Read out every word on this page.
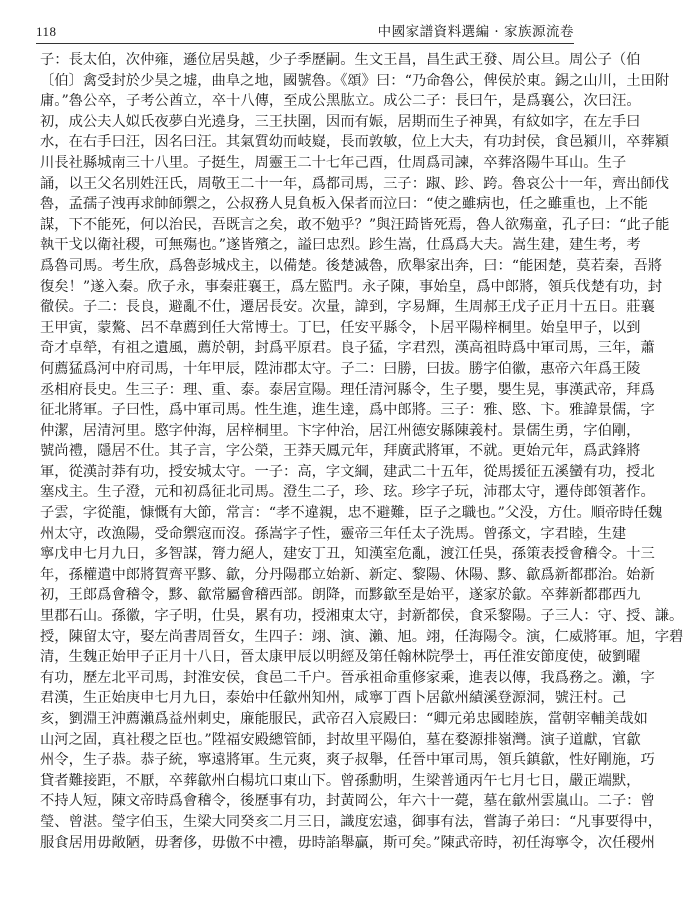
118	中國家譜資料選編 · 家族源流卷
子：長太伯，次仲雍，遜位居吳越，少子季歷嗣。生文王昌，昌生武王發、周公旦。周公子（伯
〔伯〕禽受封於少昊之墟，曲阜之地，國號魯。《頌》曰：“乃命魯公，俾侯於東。錫之山川，土田附
庸。”魯公卒，子考公酋立，卒十八傳，至成公黑肱立。成公二子：長曰午，是爲襄公，次曰汪。
初，成公夫人姒氏夜夢白光遶身，三王扶圍，因而有娠，居期而生子神異，有紋如字，在左手曰
水，在右手曰汪，因名曰汪。其氣質幼而岐嶷，長而敦敏，位上大夫，有功封侯，食邑潁川，卒葬潁
川長社縣城南三十八里。子挺生，周靈王二十七年己酉，仕周爲司諫，卒葬洛陽牛耳山。生子
誦，以王父名別姓汪氏，周敬王二十一年，爲都司馬，三子：踧、跈、跨。魯哀公十一年，齊出師伐
魯，孟孺子洩再求帥師禦之，公叔務人見負板入保者而泣曰：“使之雖病也，任之雖重也，上不能
謀，下不能死，何以治民，吾既言之矣，敢不勉乎？”與汪踦皆死焉，魯人欲殤童，孔子曰：“此子能
執干戈以衛社稷，可無殤也。”遂皆殯之，謚曰忠烈。跈生嵩，仕爲爲大夫。嵩生建，建生考，考
爲魯司馬。考生欣，爲魯彭城戍主，以備楚。後楚滅魯，欣舉家出奔，曰：“能困楚，莫若秦，吾將
復矣！”遂入秦。欣子永，事秦莊襄王，爲左監門。永子陳，事始皇，爲中郎將，領兵伐楚有功，封
徹侯。子二：長良，避亂不仕，遷居長安。次量，諱到，字易輝，生周郝王戊子正月十五日。莊襄
王甲寅，蒙驁、呂不韋薦到任大常博士。丁巳，任安平縣令，卜居平陽梓桐里。始皇甲子，以到
奇才卓犖，有祖之遺風，薦於朝，封爲平原君。良子猛，字君烈，漢高祖時爲中軍司馬，三年，蕭
何薦猛爲河中府司馬，十年甲辰，陞沛郡太守。子二：曰勝，曰拔。勝字伯徽，惠帝六年爲王陵
丞相府長史。生三子：理、重、泰。泰居宣陽。理任清河縣令，生子嬰，嬰生晃，事漢武帝，拜爲
征北將軍。子曰性，爲中軍司馬。性生進，進生達，爲中郎將。三子：雅、愍、卞。雅諱景儒，字
仲潔，居清河里。愍字仲海，居梓桐里。卞字仲治，居江州德安縣陳義村。景儒生勇，字伯剛，
號尚禮，隱居不仕。其子言，字公榮，王莽天鳳元年，拜廣武將軍，不就。更始元年，爲武鋒將
軍，從漢討莽有功，授安城太守。一子：高，字文綱，建武二十五年，從馬援征五溪蠻有功，授北
塞戍主。生子澄，元和初爲征北司馬。澄生二子，珍、玹。珍字子玩，沛郡太守，遷侍郎領著作。
子雲，字從龍，慷慨有大節，常言：“孝不違親，忠不避難，臣子之職也。”父没，方仕。順帝時任魏
州太守，改漁陽，受命禦寇而沒。孫嵩字子性，靈帝三年任太子洗馬。曾孫文，字君睦，生建
寧戊申七月九日，多智謀，膂力絕人，建安丁丑，知漢室危亂，渡江任吳，孫策表授會稽令。十三
年，孫權遣中郎將賀齊平黟、歙，分丹陽郡立始新、新定、黎陽、休陽、黟、歙爲新都郡治。始新
初，王郎爲會稽令，黟、歙常屬會稽西部。朗降，而黟歙至是始平，遂家於歙。卒葬新都郡西九
里郡石山。孫徽，字子明，仕吳，累有功，授湘東太守，封新都侯，食采黎陽。子三人：守、授、謙。
授，陳留太守，娶左尚書周晉女，生四子：翊、演、瀨、旭。翊，任海陽令。演，仁威將軍。旭，字碧
清，生魏正始甲子正月十八日，晉太康甲辰以明經及第任翰林院學士，再任淮安節度使，破劉曜
有功，歷左北平司馬，封淮安侯，食邑二千户。晉承祖命重修家乘，進表以傳，我爲務之。瀨，字
君漢，生正始庚申七月九日，泰始中任歙州知州，咸寧丁酉卜居歙州績溪登源洞，號汪村。己
亥，劉淵王沖薦瀨爲益州刺史，廉能服民，武帝召入宸殿曰：“卿元弟忠國睦族，當朝宰輔美哉如
山河之固，真社稷之臣也。”陞福安殿總管師，封故里平陽伯，墓在婺源排嶺灣。演子道獻，官歙
州令，生子恭。恭子統，寧遠將軍。生元爽，爽子叔舉，任晉中軍司馬，領兵鎮歙，性好剛施，巧
貸者難接距，不厭，卒葬歙州白楊坑口東山下。曾孫勳明，生梁普通丙午七月七日，嚴正端默，
不持人短，陳文帝時爲會稽令，後歷事有功，封黃岡公，年六十一薨，墓在歙州雲嵐山。二子：曾
瑩、曾湛。瑩字伯玉，生梁大同癸亥二月三日，識度宏遠，御事有法，嘗誨子弟曰：“凡事要得中，
服食居用毋敞陋，毋奢侈，毋傲不中禮，毋時諂舉贏，斯可矣。”陳武帝時，初任海寧令，次任稷州
